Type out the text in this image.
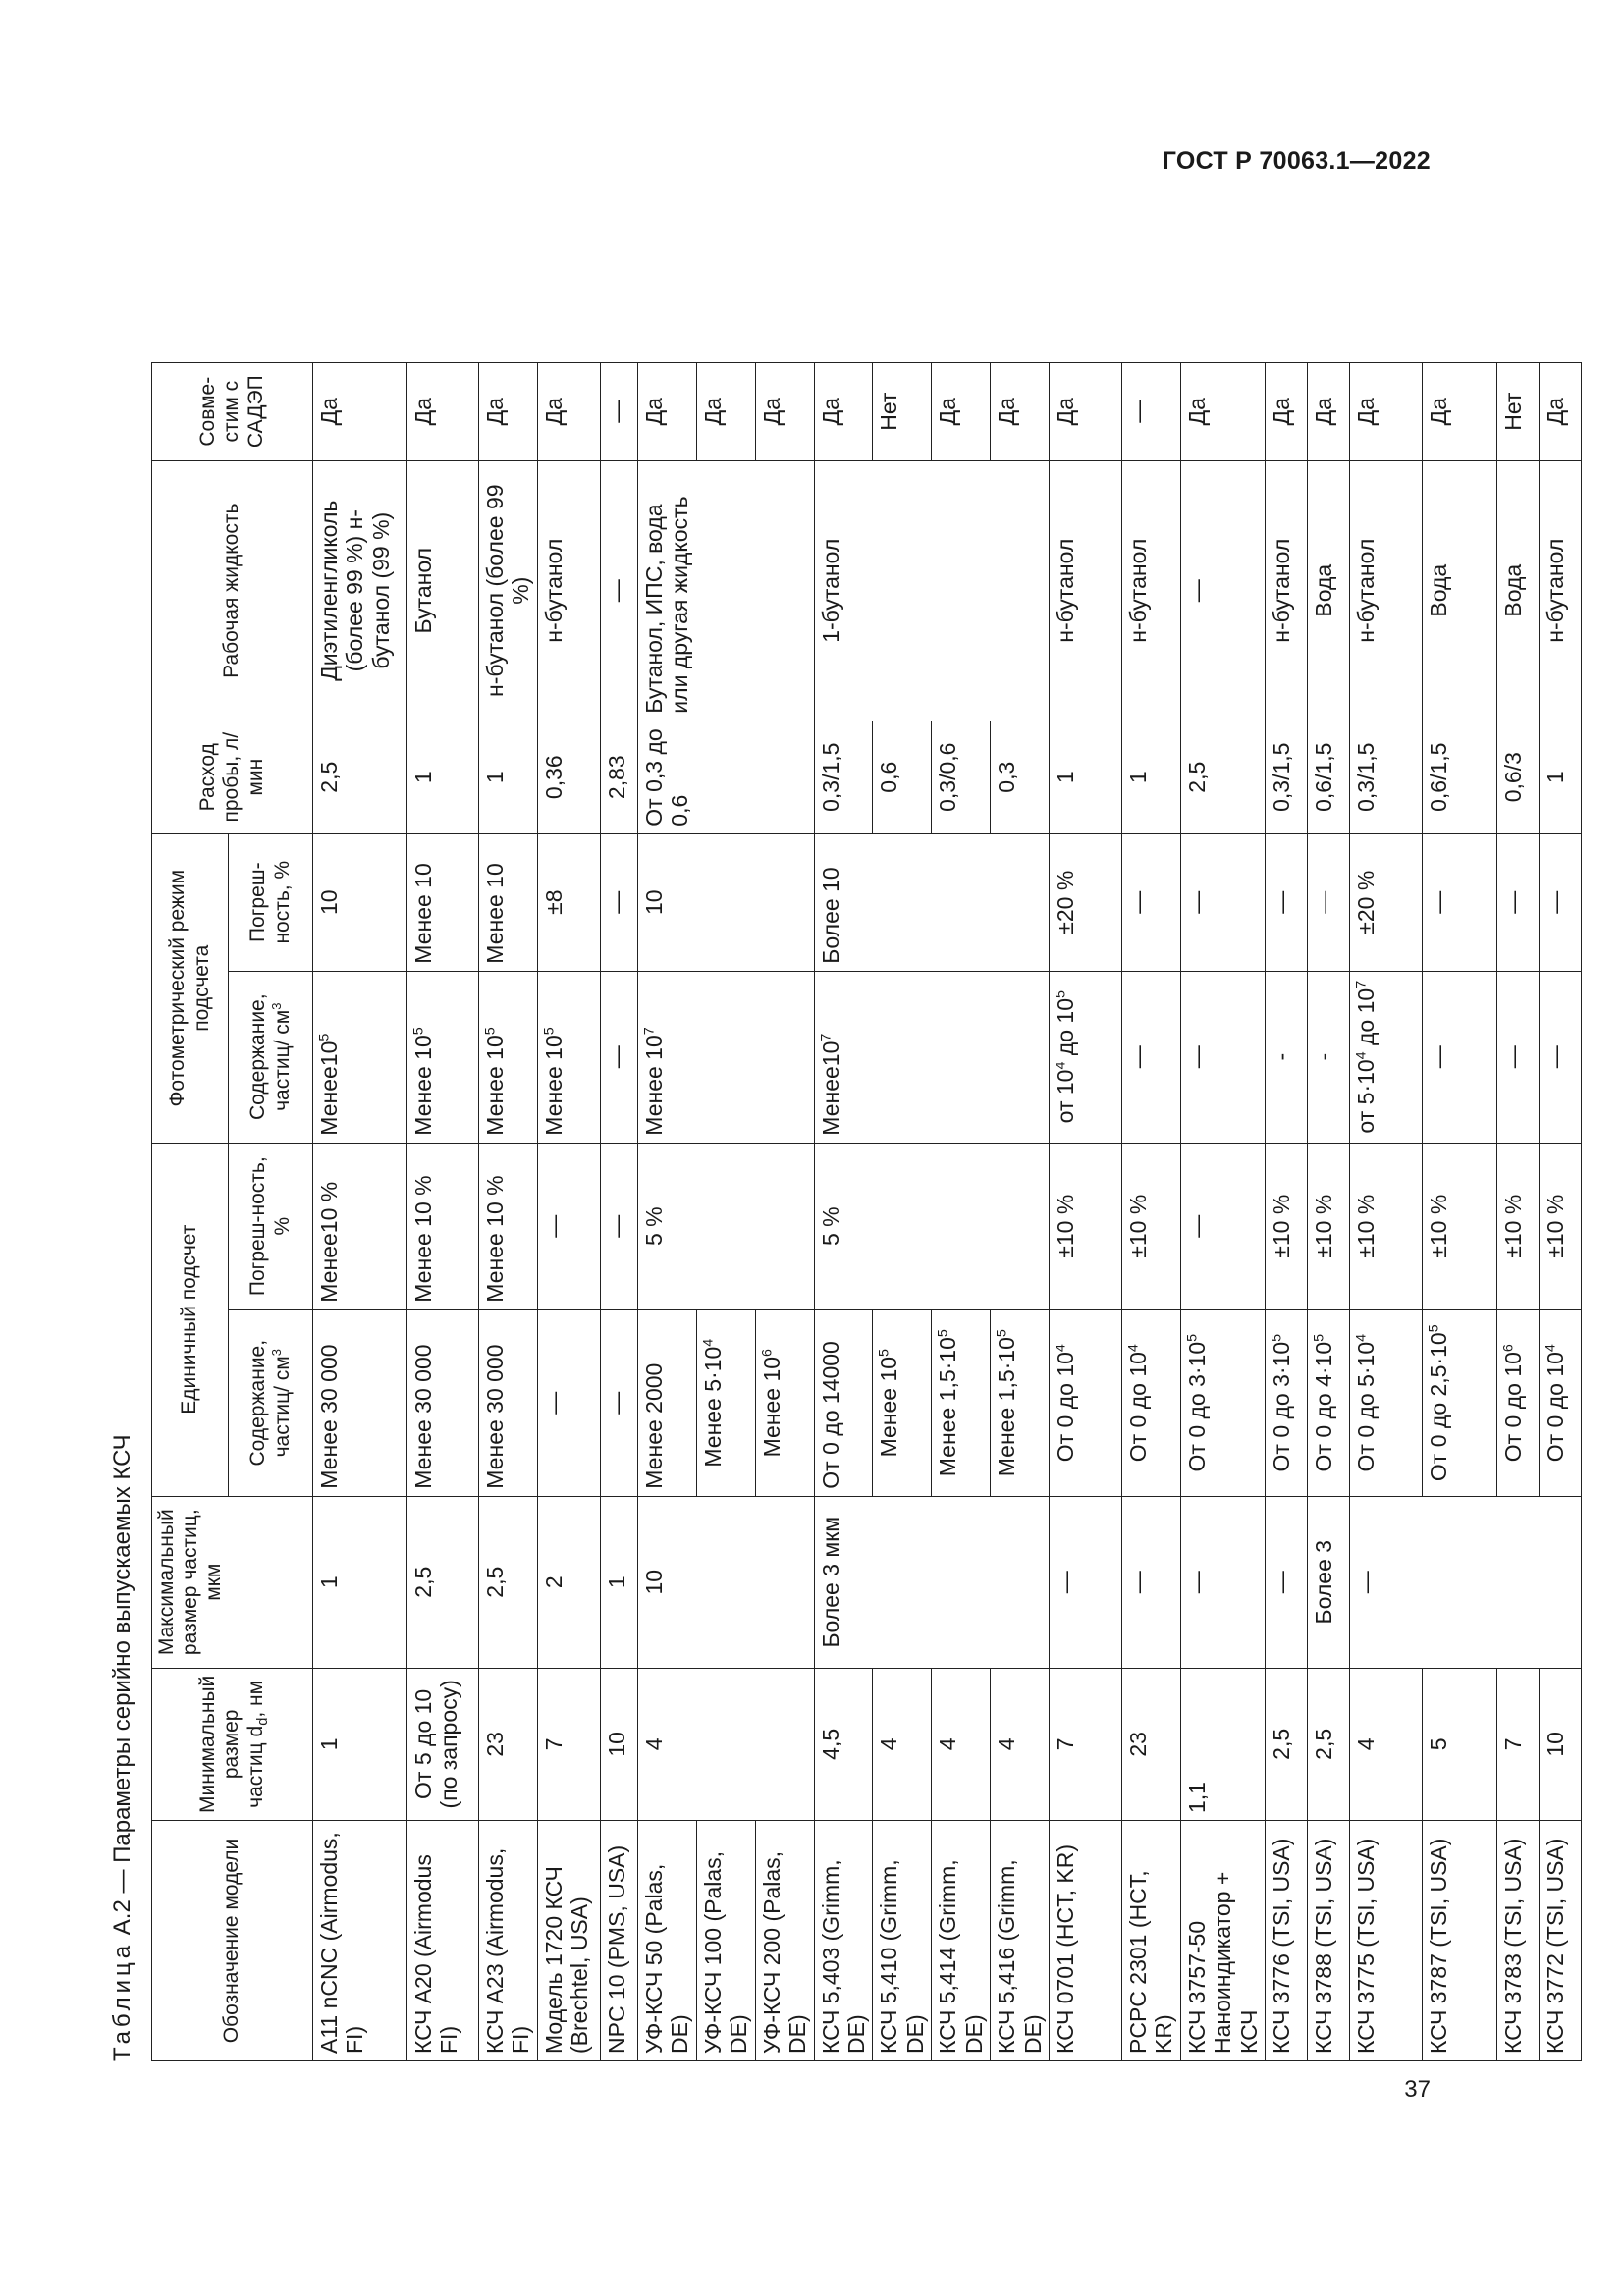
ГОСТ Р 70063.1—2022
37
Таблица А.2 — Параметры серийно выпускаемых КСЧ
Обозначение модели	Минимальный размер частиц $d_d$, нм	Максимальный размер частиц, мкм	Единичный подсчет		Фотометрический режим подсчета		Расход пробы, л/мин	Рабочая жидкость	Совме-стим с САДЭП
			Содержание, частиц/ $см^3$	Погреш-ность, %	Содержание, частиц/ $см^3$	Погреш-ность, %			
А11 nCNC (Airmodus, FI)	1	1	Менее 30 000	Менее10 %	$Менее10^5$	10	2,5	Диэтиленгликоль (более 99 %) н-бутанол (99 %)	Да
КСЧ А20 (Airmodus FI)	От 5 до 10 (по запросу)	2,5	Менее 30 000	Менее 10 %	Менее $10^5$	Менее 10	1	Бутанол	Да
КСЧ А23 (Airmodus, FI)	23	2,5	Менее 30 000	Менее 10 %	Менее $10^5$	Менее 10	1	н-бутанол (более 99 %)	Да
Модель 1720 КСЧ (Brechtel, USA)	7	2	—	—	Менее $10^5$	±8	0,36	н-бутанол	Да
NPC 10 (PMS, USA)	10	1	—	—	—	—	2,83	—	—
УФ-КСЧ 50 (Palas, DE)	4	10	Менее 2000	5 %	Менее $10^7$	10	От 0,3 до 0,6	Бутанол, ИПС, вода или другая жидкость	Да
УФ-КСЧ 100 (Palas, DE)			Менее $5\cdot 10^4$						Да
УФ-КСЧ 200 (Palas, DE)			Менее $10^6$						Да
КСЧ 5,403 (Grimm, DE)	4,5	Более 3 мкм	От 0 до 14000	5 %	$Менее10^7$	Более 10	0,3/1,5	1-бутанол	Да
КСЧ 5,410 (Grimm, DE)	4		Менее $10^5$				0,6		Нет
КСЧ 5,414 (Grimm, DE)	4		Менее $1,5\cdot 10^5$				0,3/0,6		Да
КСЧ 5,416 (Grimm, DE)	4		Менее $1,5\cdot 10^5$				0,3		Да
КСЧ 0701 (HCT, KR)	7	—	От 0 до $10^4$	±10 %	от $10^4$ до $10^5$	±20 %	1	н-бутанол	Да
PCPC 2301 (HCT, KR)	23	—	От 0 до $10^4$	±10 %	—	—	1	н-бутанол	—
КСЧ 3757-50 Наноиндикатор + КСЧ	1,1	—	От 0 до $3\cdot 10^5$	—	—	—	2,5	—	Да
КСЧ 3776 (TSI, USA)	2,5	—	От 0 до $3\cdot 10^5$	±10 %	-	—	0,3/1,5	н-бутанол	Да
КСЧ 3788 (TSI, USA)	2,5	Более 3	От 0 до $4\cdot 10^5$	±10 %	-	—	0,6/1,5	Вода	Да
КСЧ 3775 (TSI, USA)	4	—	От 0 до $5\cdot 10^4$	±10 %	от $5\cdot 10^4$ до $10^7$	±20 %	0,3/1,5	н-бутанол	Да
КСЧ 3787 (TSI, USA)	5		От 0 до $2,5\cdot 10^5$	±10 %	—	—	0,6/1,5	Вода	Да
КСЧ 3783 (TSI, USA)	7		От 0 до $10^6$	±10 %	—	—	0,6/3	Вода	Нет
КСЧ 3772 (TSI, USA)	10		От 0 до $10^4$	±10 %	—	—	1	н-бутанол	Да
